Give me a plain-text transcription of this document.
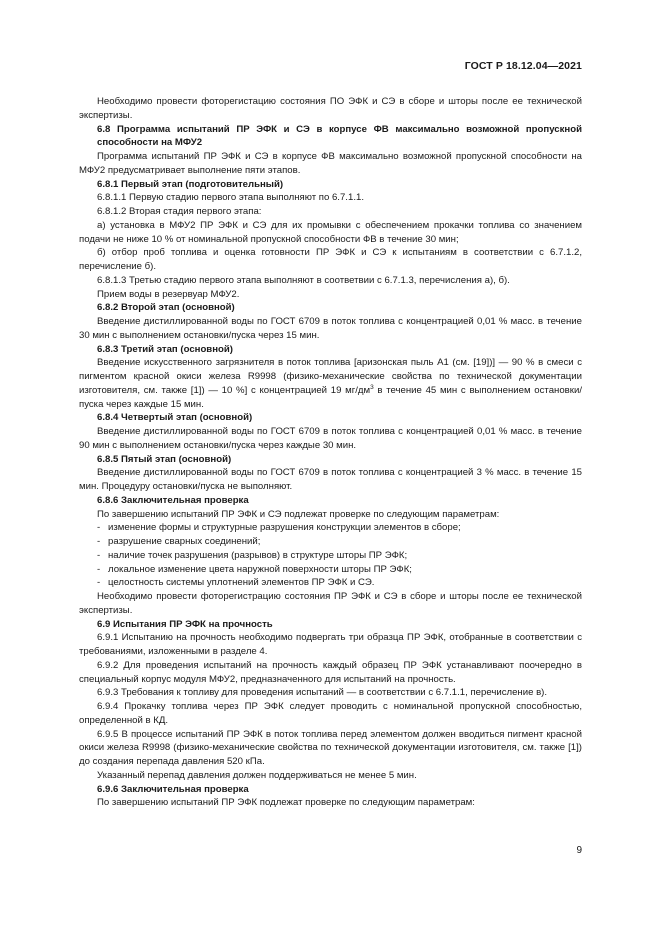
ГОСТ Р 18.12.04—2021

Необходимо провести фоторегистацию состояния ПО ЭФК и СЭ в сборе и шторы после ее технической экспертизы.

6.8 Программа испытаний ПР ЭФК и СЭ в корпусе ФВ максимально возможной пропускной способности на МФУ2

Программа испытаний ПР ЭФК и СЭ в корпусе ФВ максимально возможной пропускной способности на МФУ2 предусматривает выполнение пяти этапов.

6.8.1 Первый этап (подготовительный)

6.8.1.1 Первую стадию первого этапа выполняют по 6.7.1.1.

6.8.1.2 Вторая стадия первого этапа:

а) установка в МФУ2 ПР ЭФК и СЭ для их промывки с обеспечением прокачки топлива со значением подачи не ниже 10 % от номинальной пропускной способности ФВ в течение 30 мин;

б) отбор проб топлива и оценка готовности ПР ЭФК и СЭ к испытаниям в соответствии с 6.7.1.2, перечисление б).

6.8.1.3 Третью стадию первого этапа выполняют в соответвии с 6.7.1.3, перечисления а), б).

Прием воды в резервуар МФУ2.

6.8.2 Второй этап (основной)

Введение дистиллированной воды по ГОСТ 6709 в поток топлива с концентрацией 0,01 % масс. в течение 30 мин с выполнением остановки/пуска через 15 мин.

6.8.3 Третий этап (основной)

Введение искусственного загрязнителя в поток топлива [аризонская пыль А1 (см. [19])] — 90 % в смеси с пигментом красной окиси железа R9998 (физико-механические свойства по технической документации изготовителя, см. также [1]) — 10 %] с концентрацией 19 $мг/дм^3$ в течение 45 мин с выполнением остановки/пуска через каждые 15 мин.

6.8.4 Четвертый этап (основной)

Введение дистиллированной воды по ГОСТ 6709 в поток топлива с концентрацией 0,01 % масс. в течение 90 мин с выполнением остановки/пуска через каждые 30 мин.

6.8.5 Пятый этап (основной)

Введение дистиллированной воды по ГОСТ 6709 в поток топлива с концентрацией 3 % масс. в течение 15 мин. Процедуру остановки/пуска не выполняют.

6.8.6 Заключительная проверка

По завершению испытаний ПР ЭФК и СЭ подлежат проверке по следующим параметрам:

- изменение формы и структурные разрушения конструкции элементов в сборе;

- разрушение сварных соединений;

- наличие точек разрушения (разрывов) в структуре шторы ПР ЭФК;

- локальное изменение цвета наружной поверхности шторы ПР ЭФК;

- целостность системы уплотнений элементов ПР ЭФК и СЭ.

Необходимо провести фоторегистрацию состояния ПР ЭФК и СЭ в сборе и шторы после ее технической экспертизы.

6.9 Испытания ПР ЭФК на прочность

6.9.1 Испытанию на прочность необходимо подвергать три образца ПР ЭФК, отобранные в соответствии с требованиями, изложенными в разделе 4.

6.9.2 Для проведения испытаний на прочность каждый образец ПР ЭФК устанавливают поочередно в специальный корпус модуля МФУ2, предназначенного для испытаний на прочность.

6.9.3 Требования к топливу для проведения испытаний — в соответствии с 6.7.1.1, перечисление в).

6.9.4 Прокачку топлива через ПР ЭФК следует проводить с номинальной пропускной способностью, определенной в КД.

6.9.5 В процессе испытаний ПР ЭФК в поток топлива перед элементом должен вводиться пигмент красной окиси железа R9998 (физико-механические свойства по технической документации изготовителя, см. также [1]) до создания перепада давления 520 кПа.

Указанный перепад давления должен поддерживаться не менее 5 мин.

6.9.6 Заключительная проверка

По завершению испытаний ПР ЭФК подлежат проверке по следующим параметрам:

9
